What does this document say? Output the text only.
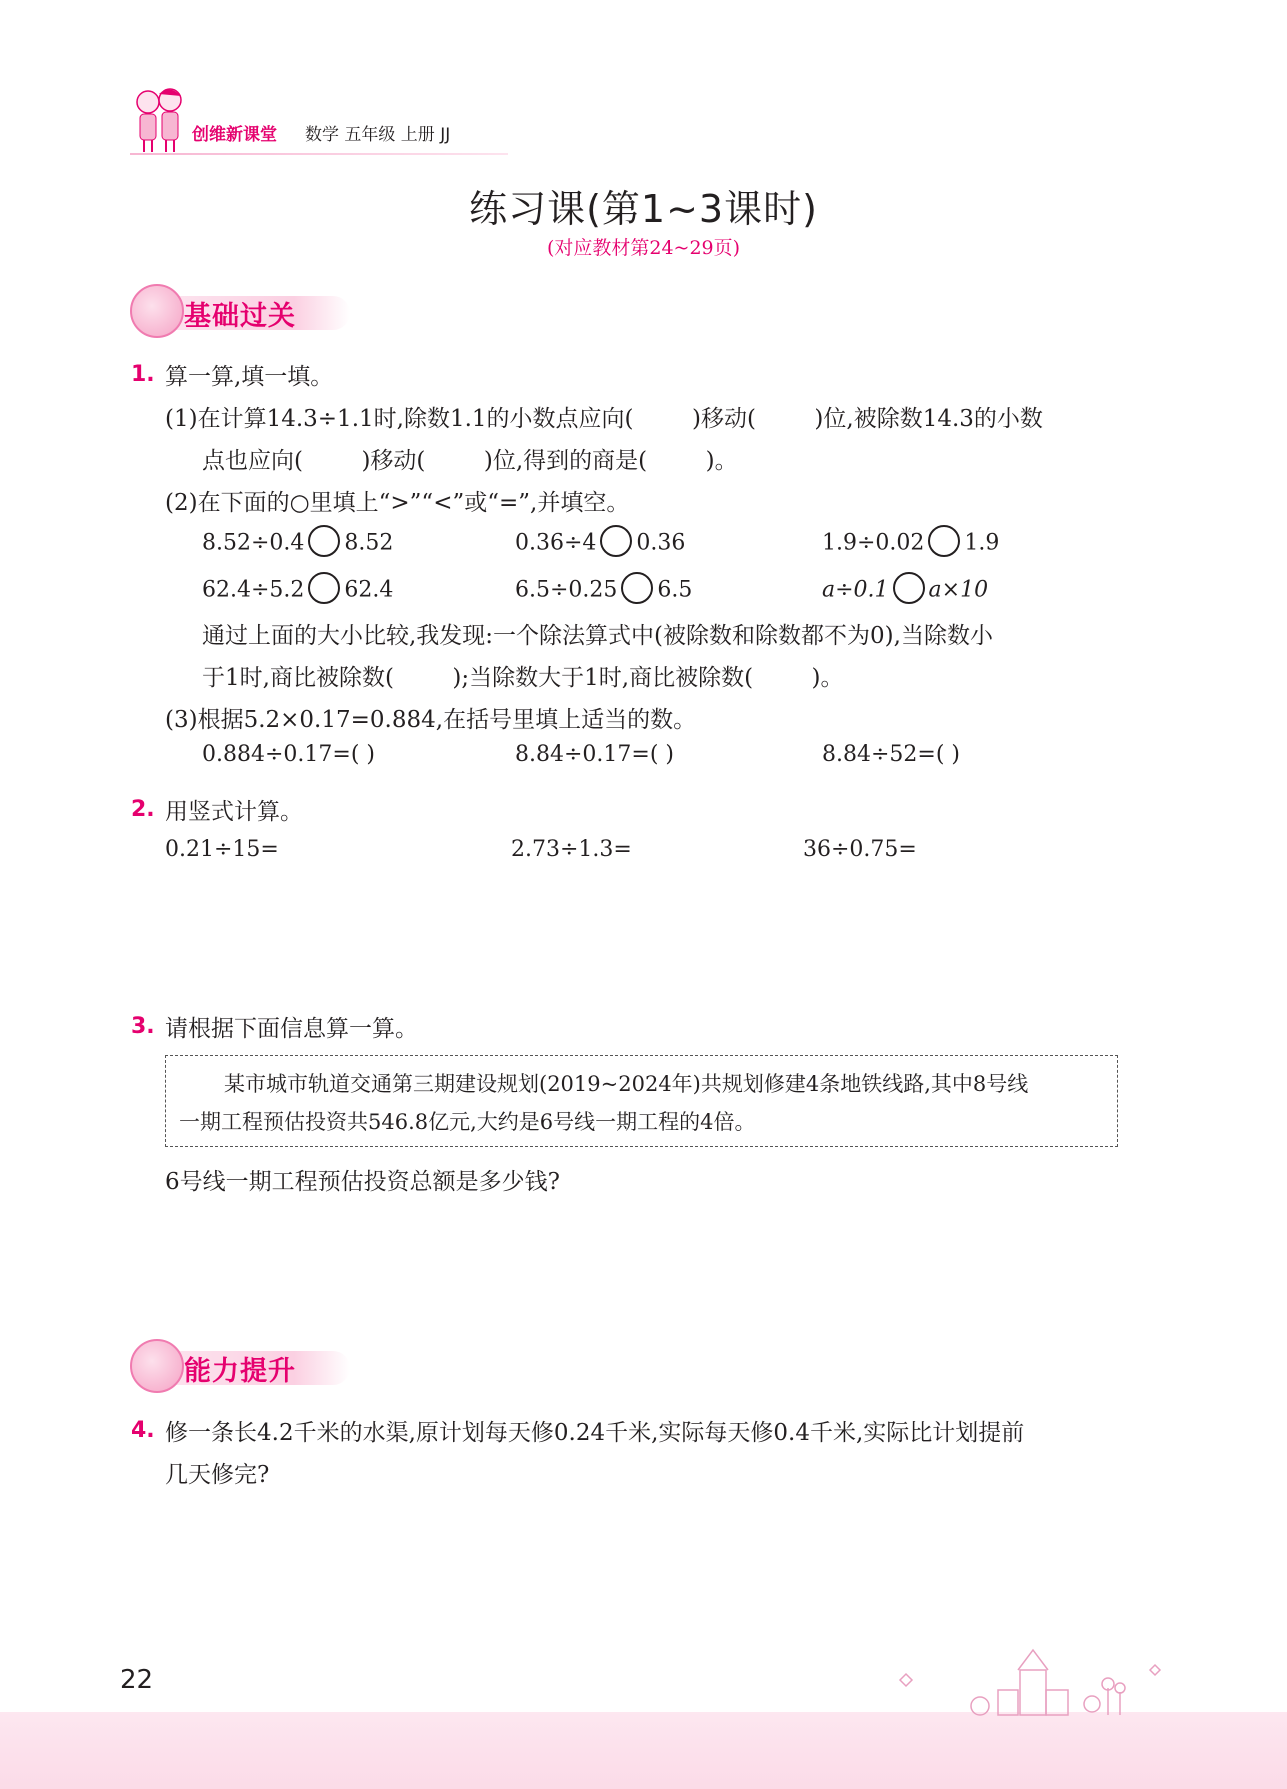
创维新课堂 数学 五年级 上册 JJ
练习课(第1~3课时)
(对应教材第24~29页)
基础过关
1. 算一算,填一填。
(1)在计算14.3÷1.1时,除数1.1的小数点应向(        )移动(        )位,被除数14.3的小数
点也应向(        )移动(        )位,得到的商是(        )。
(2)在下面的○里填上“>”“<”或“=”,并填空。
8.52÷0.4 8.52	0.36÷4 0.36	1.9÷0.02 1.9
62.4÷5.2 62.4	6.5÷0.25 6.5	a÷0.1 a×10
通过上面的大小比较,我发现:一个除法算式中(被除数和除数都不为0),当除数小
于1时,商比被除数(        );当除数大于1时,商比被除数(        )。
(3)根据5.2×0.17=0.884,在括号里填上适当的数。
0.884÷0.17=( )	8.84÷0.17=( )	8.84÷52=( )
2. 用竖式计算。
0.21÷15=	2.73÷1.3=	36÷0.75=
3. 请根据下面信息算一算。
某市城市轨道交通第三期建设规划(2019~2024年)共规划修建4条地铁线路,其中8号线
一期工程预估投资共546.8亿元,大约是6号线一期工程的4倍。
6号线一期工程预估投资总额是多少钱?
能力提升
4. 修一条长4.2千米的水渠,原计划每天修0.24千米,实际每天修0.4千米,实际比计划提前
几天修完?
22
